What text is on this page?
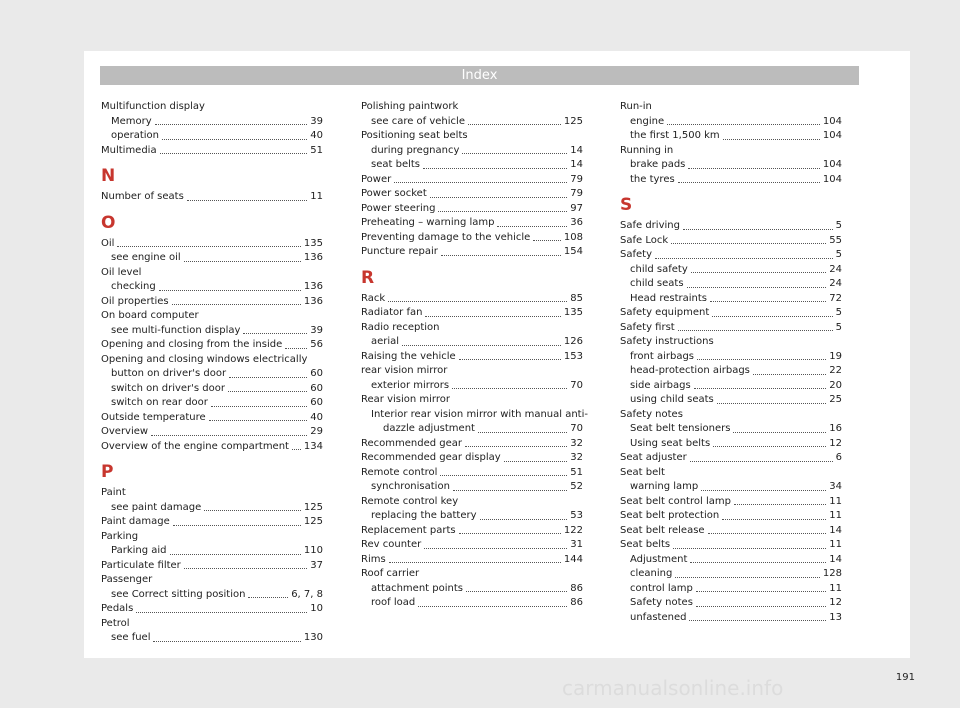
Index
Multifunction display
Memory	39
operation	40
Multimedia	51
N
Number of seats	11
O
Oil	135
see engine oil	136
Oil level
checking	136
Oil properties	136
On board computer
see multi-function display	39
Opening and closing from the inside	56
Opening and closing windows electrically
button on driver's door	60
switch on driver's door	60
switch on rear door	60
Outside temperature	40
Overview	29
Overview of the engine compartment 134
P
Paint
see paint damage	125
Paint damage	125
Parking
Parking aid	110
Particulate filter	37
Passenger
see Correct sitting position	6, 7, 8
Pedals	10
Petrol
see fuel	130
Polishing paintwork
see care of vehicle	125
Positioning seat belts
during pregnancy	14
seat belts	14
Power	79
Power socket	79
Power steering	97
Preheating – warning lamp	36
Preventing damage to the vehicle	108
Puncture repair	154
R
Rack	85
Radiator fan	135
Radio reception
aerial	126
Raising the vehicle	153
rear vision mirror
exterior mirrors	70
Rear vision mirror
Interior rear vision mirror with manual anti-
dazzle adjustment	70
Recommended gear	32
Recommended gear display	32
Remote control	51
synchronisation	52
Remote control key
replacing the battery	53
Replacement parts	122
Rev counter	31
Rims	144
Roof carrier
attachment points	86
roof load	86
Run-in
engine	104
the first 1,500 km	104
Running in
brake pads	104
the tyres	104
S
Safe driving	5
Safe Lock	55
Safety	5
child safety	24
child seats	24
Head restraints	72
Safety equipment	5
Safety first	5
Safety instructions
front airbags	19
head-protection airbags	22
side airbags	20
using child seats	25
Safety notes
Seat belt tensioners	16
Using seat belts	12
Seat adjuster	6
Seat belt
warning lamp	34
Seat belt control lamp	11
Seat belt protection	11
Seat belt release	14
Seat belts	11
Adjustment	14
cleaning	128
control lamp	11
Safety notes	12
unfastened	13
191
carmanualsonline.info
